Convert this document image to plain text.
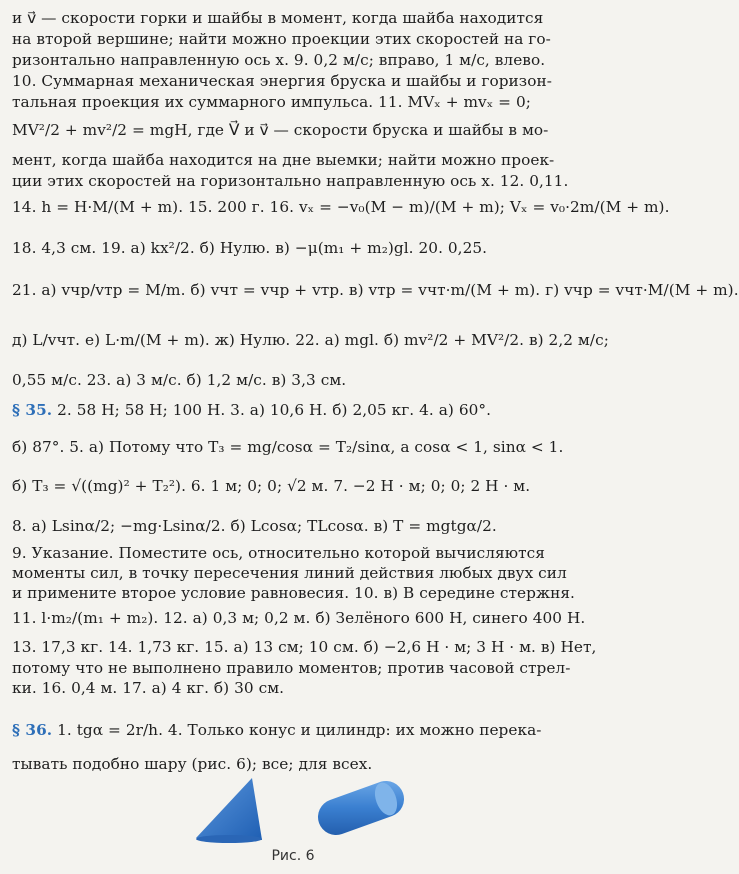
и v⃗ — скорости горки и шайбы в момент, когда шайба находится
на второй вершине; найти можно проекции этих скоростей на го-
ризонтально направленную ось x. 9. 0,2 м/с; вправо, 1 м/с, влево.
10. Суммарная механическая энергия бруска и шайбы и горизон-
тальная проекция их суммарного импульса. 11. MVₓ + mvₓ = 0;
MV²/2 + mv²/2 = mgH, где V⃗ и v⃗ — скорости бруска и шайбы в мо-
мент, когда шайба находится на дне выемки; найти можно проек-
ции этих скоростей на горизонтально направленную ось x. 12. 0,11.
14. h = H·M/(M + m). 15. 200 г. 16. vₓ = −v₀(M − m)/(M + m); Vₓ = v₀·2m/(M + m).
18. 4,3 см. 19. а) kx²/2. б) Нулю. в) −μ(m₁ + m₂)gl. 20. 0,25.
21. а) vчр/vтр = M/m. б) vчт = vчр + vтр. в) vтр = vчт·m/(M + m). г) vчр = vчт·M/(M + m).
д) L/vчт. е) L·m/(M + m). ж) Нулю. 22. а) mgl. б) mv²/2 + MV²/2. в) 2,2 м/с;
0,55 м/с. 23. а) 3 м/с. б) 1,2 м/с. в) 3,3 см.
§ 35. 2. 58 Н; 58 Н; 100 Н. 3. а) 10,6 Н. б) 2,05 кг. 4. а) 60°.
б) 87°. 5. а) Потому что T₃ = mg/cosα = T₂/sinα, а cosα < 1, sinα < 1.
б) T₃ = √((mg)² + T₂²). 6. 1 м; 0; 0; √2 м. 7. −2 Н · м; 0; 0; 2 Н · м.
8. а) Lsinα/2; −mg·Lsinα/2. б) Lcosα; TLcosα. в) T = mgtgα/2.
9. Указание. Поместите ось, относительно которой вычисляются
моменты сил, в точку пересечения линий действия любых двух сил
и примените второе условие равновесия. 10. в) В середине стержня.
11. l·m₂/(m₁ + m₂). 12. а) 0,3 м; 0,2 м. б) Зелёного 600 Н, синего 400 Н.
13. 17,3 кг. 14. 1,73 кг. 15. а) 13 см; 10 см. б) −2,6 Н · м; 3 Н · м. в) Нет,
потому что не выполнено правило моментов; против часовой стрел-
ки. 16. 0,4 м. 17. а) 4 кг. б) 30 см.
§ 36. 1. tgα = 2r/h. 4. Только конус и цилиндр: их можно перека-
тывать подобно шару (рис. 6); все; для всех.
Рис. 6
